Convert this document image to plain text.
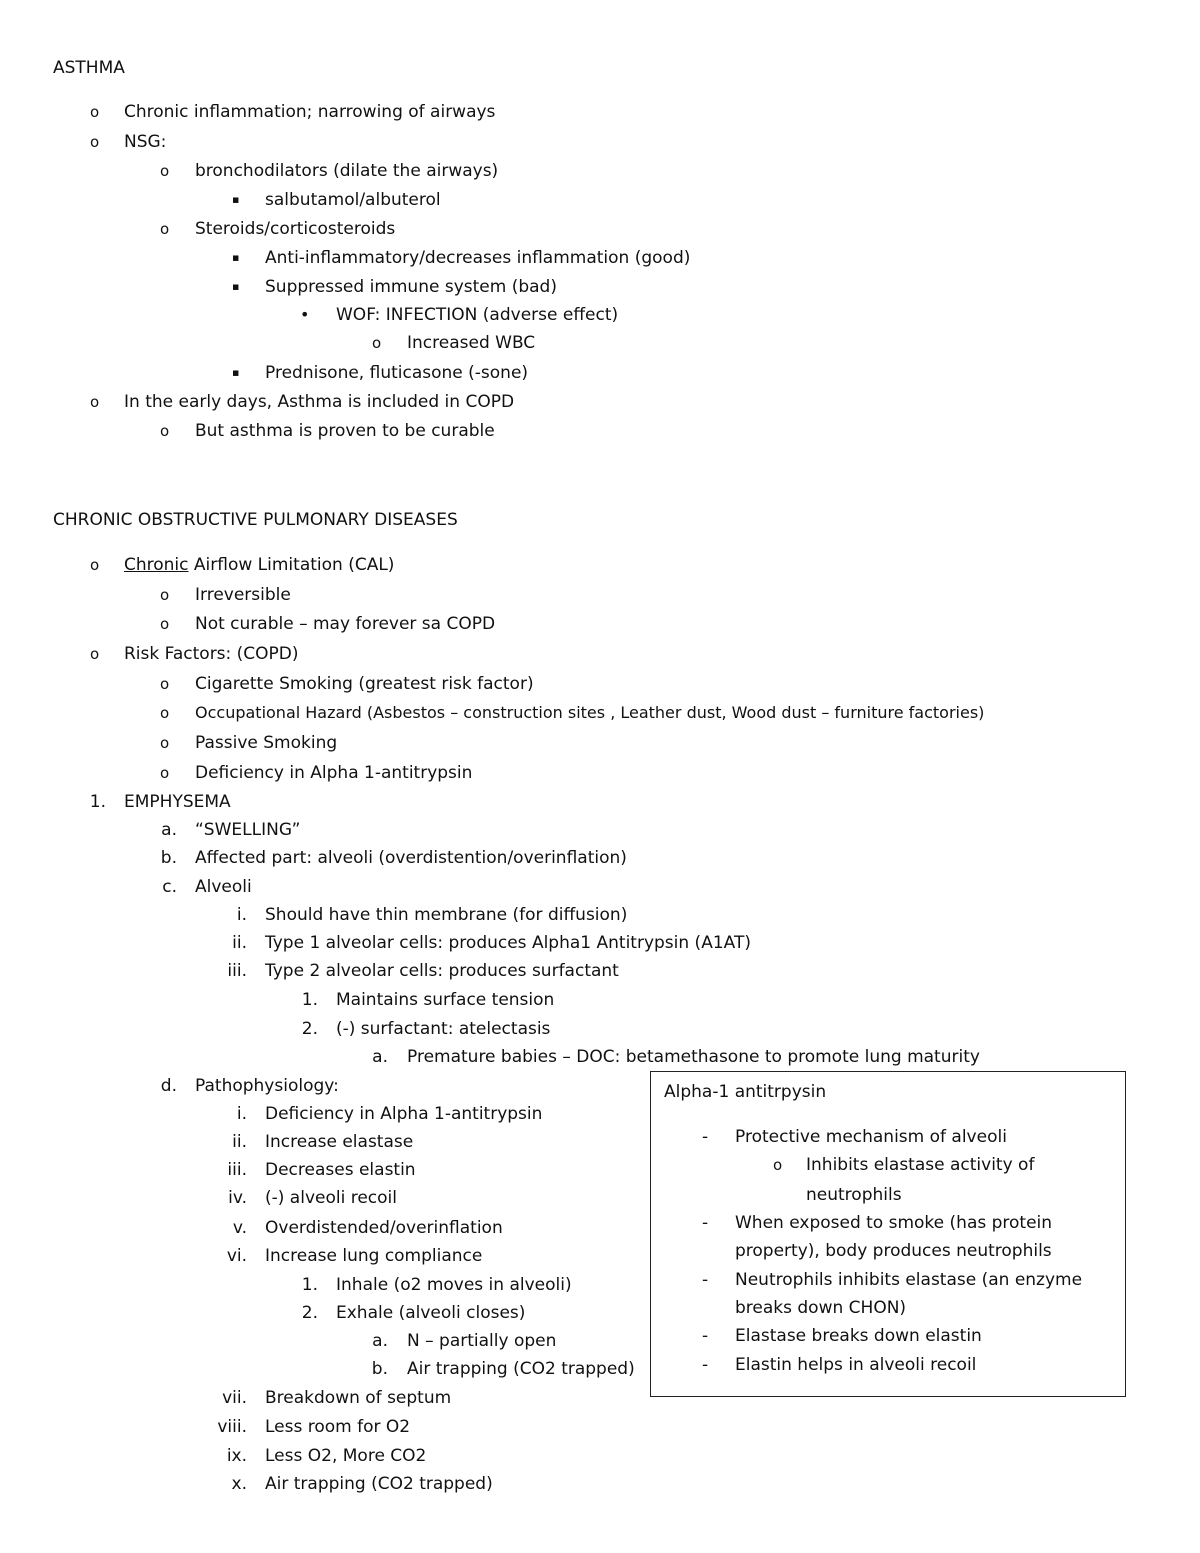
ASTHMA
o Chronic inflammation; narrowing of airways
o NSG:
o bronchodilators (dilate the airways)
▪ salbutamol/albuterol
o Steroids/corticosteroids
▪ Anti-inflammatory/decreases inflammation (good)
▪ Suppressed immune system (bad)
• WOF: INFECTION (adverse effect)
o Increased WBC
▪ Prednisone, fluticasone (-sone)
o In the early days, Asthma is included in COPD
o But asthma is proven to be curable
CHRONIC OBSTRUCTIVE PULMONARY DISEASES
o Chronic Airflow Limitation (CAL)
o Irreversible
o Not curable – may forever sa COPD
o Risk Factors: (COPD)
o Cigarette Smoking (greatest risk factor)
o Occupational Hazard (Asbestos – construction sites , Leather dust, Wood dust – furniture factories)
o Passive Smoking
o Deficiency in Alpha 1-antitrypsin
1. EMPHYSEMA
a. “SWELLING”
b. Affected part: alveoli (overdistention/overinflation)
c. Alveoli
i. Should have thin membrane (for diffusion)
ii. Type 1 alveolar cells: produces Alpha1 Antitrypsin (A1AT)
iii. Type 2 alveolar cells: produces surfactant
1. Maintains surface tension
2. (-) surfactant: atelectasis
a. Premature babies – DOC: betamethasone to promote lung maturity
d. Pathophysiology:
i. Deficiency in Alpha 1-antitrypsin
ii. Increase elastase
iii. Decreases elastin
iv. (-) alveoli recoil
v. Overdistended/overinflation
vi. Increase lung compliance
1. Inhale (o2 moves in alveoli)
2. Exhale (alveoli closes)
a. N – partially open
b. Air trapping (CO2 trapped)
vii. Breakdown of septum
viii. Less room for O2
ix. Less O2, More CO2
x. Air trapping (CO2 trapped)
Alpha-1 antitrpysin
- Protective mechanism of alveoli
o Inhibits elastase activity of
neutrophils
- When exposed to smoke (has protein
property), body produces neutrophils
- Neutrophils inhibits elastase (an enzyme
breaks down CHON)
- Elastase breaks down elastin
- Elastin helps in alveoli recoil
